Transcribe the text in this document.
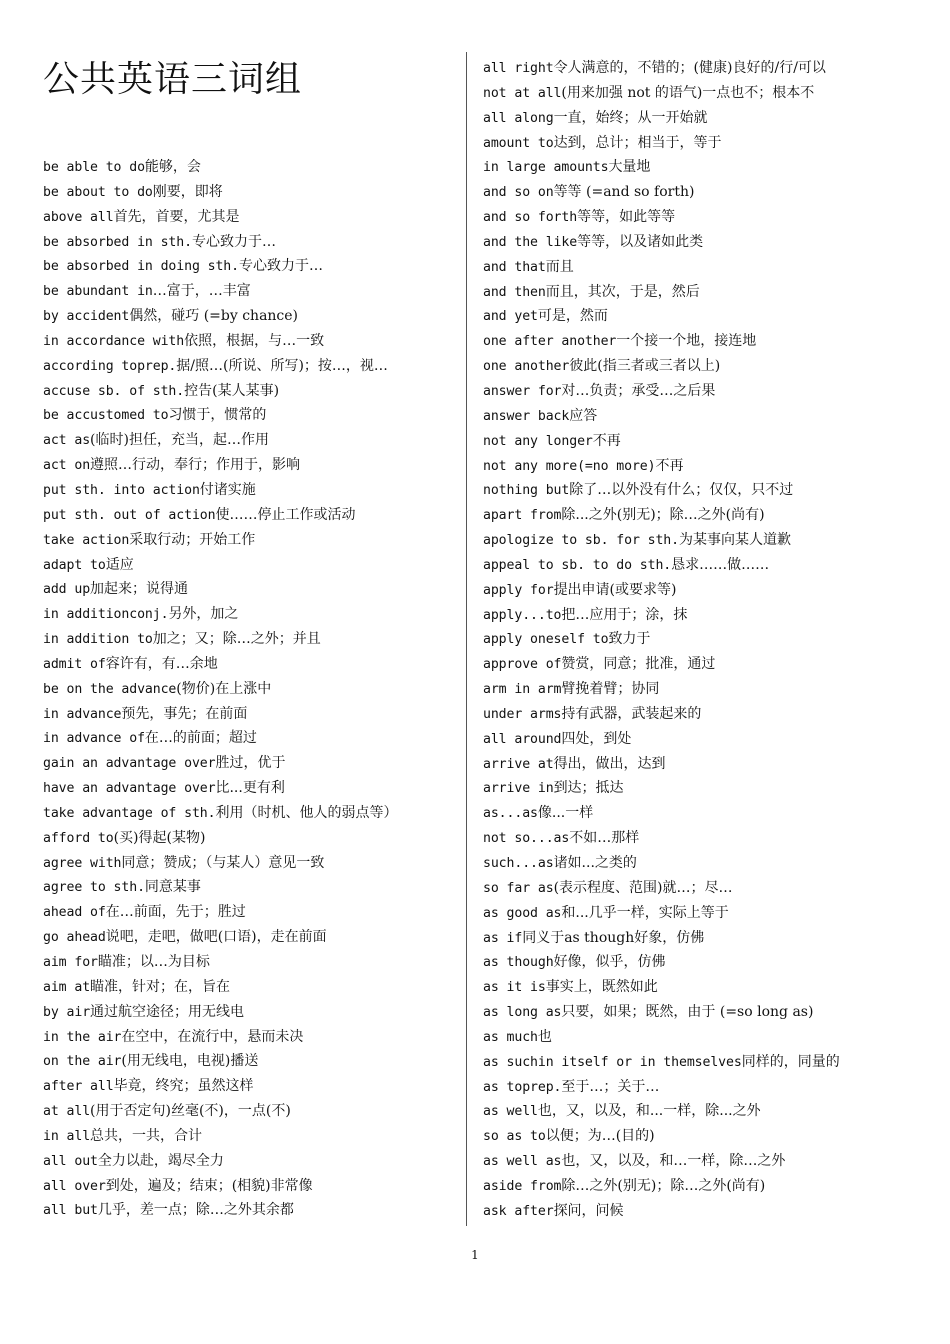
公共英语三词组
be able to do能够，会
be about to do刚要，即将
above all首先，首要，尤其是
be absorbed in sth.专心致力于…
be absorbed in doing sth.专心致力于…
be abundant in…富于，…丰富
by accident偶然，碰巧 (=by chance)
in accordance with依照，根据，与…一致
according toprep.据/照…(所说、所写)；按…，视…
accuse sb. of sth.控告(某人某事)
be accustomed to习惯于，惯常的
act as(临时)担任，充当，起…作用
act on遵照…行动，奉行；作用于，影响
put sth. into action付诸实施
put sth. out of action使……停止工作或活动
take action采取行动；开始工作
adapt to适应
add up加起来；说得通
in additionconj.另外，加之
in addition to加之；又；除…之外；并且
admit of容许有，有…余地
be on the advance(物价)在上涨中
in advance预先，事先；在前面
in advance of在…的前面；超过
gain an advantage over胜过，优于
have an advantage over比...更有利
take advantage of sth.利用（时机、他人的弱点等）
afford to(买)得起(某物)
agree with同意；赞成；（与某人）意见一致
agree to sth.同意某事
ahead of在…前面，先于；胜过
go ahead说吧，走吧，做吧(口语)，走在前面
aim for瞄准；以…为目标
aim at瞄准，针对；在，旨在
by air通过航空途径；用无线电
in the air在空中，在流行中，悬而未决
on the air(用无线电，电视)播送
after all毕竟，终究；虽然这样
at all(用于否定句)丝毫(不)，一点(不)
in all总共，一共，合计
all out全力以赴，竭尽全力
all over到处，遍及；结束；(相貌)非常像
all but几乎，差一点；除…之外其余都
all right令人满意的，不错的；(健康)良好的/行/可以
not at all(用来加强 not 的语气)一点也不；根本不
all along一直，始终；从一开始就
amount to达到，总计；相当于，等于
in large amounts大量地
and so on等等 (=and so forth)
and so forth等等，如此等等
and the like等等，以及诸如此类
and that而且
and then而且，其次，于是，然后
and yet可是，然而
one after another一个接一个地，接连地
one another彼此(指三者或三者以上)
answer for对…负责；承受…之后果
answer back应答
not any longer不再
not any more(=no more)不再
nothing but除了…以外没有什么；仅仅，只不过
apart from除...之外(别无)；除…之外(尚有)
apologize to sb. for sth.为某事向某人道歉
appeal to sb. to do sth.恳求……做……
apply for提出申请(或要求等)
apply...to把…应用于；涂，抹
apply oneself to致力于
approve of赞赏，同意；批准，通过
arm in arm臂挽着臂；协同
under arms持有武器，武装起来的
all around四处，到处
arrive at得出，做出，达到
arrive in到达；抵达
as...as像...一样
not so...as不如…那样
such...as诸如...之类的
so far as(表示程度、范围)就…；尽…
as good as和...几乎一样，实际上等于
as if同义于as though好象，仿佛
as though好像，似乎，仿佛
as it is事实上，既然如此
as long as只要，如果；既然，由于 (=so long as)
as much也
as suchin itself or in themselves同样的，同量的
as toprep.至于…；关于…
as well也，又，以及，和...一样，除...之外
so as to以便；为…(目的)
as well as也，又，以及，和…一样，除…之外
aside from除…之外(别无)；除…之外(尚有)
ask after探问，问候
1
